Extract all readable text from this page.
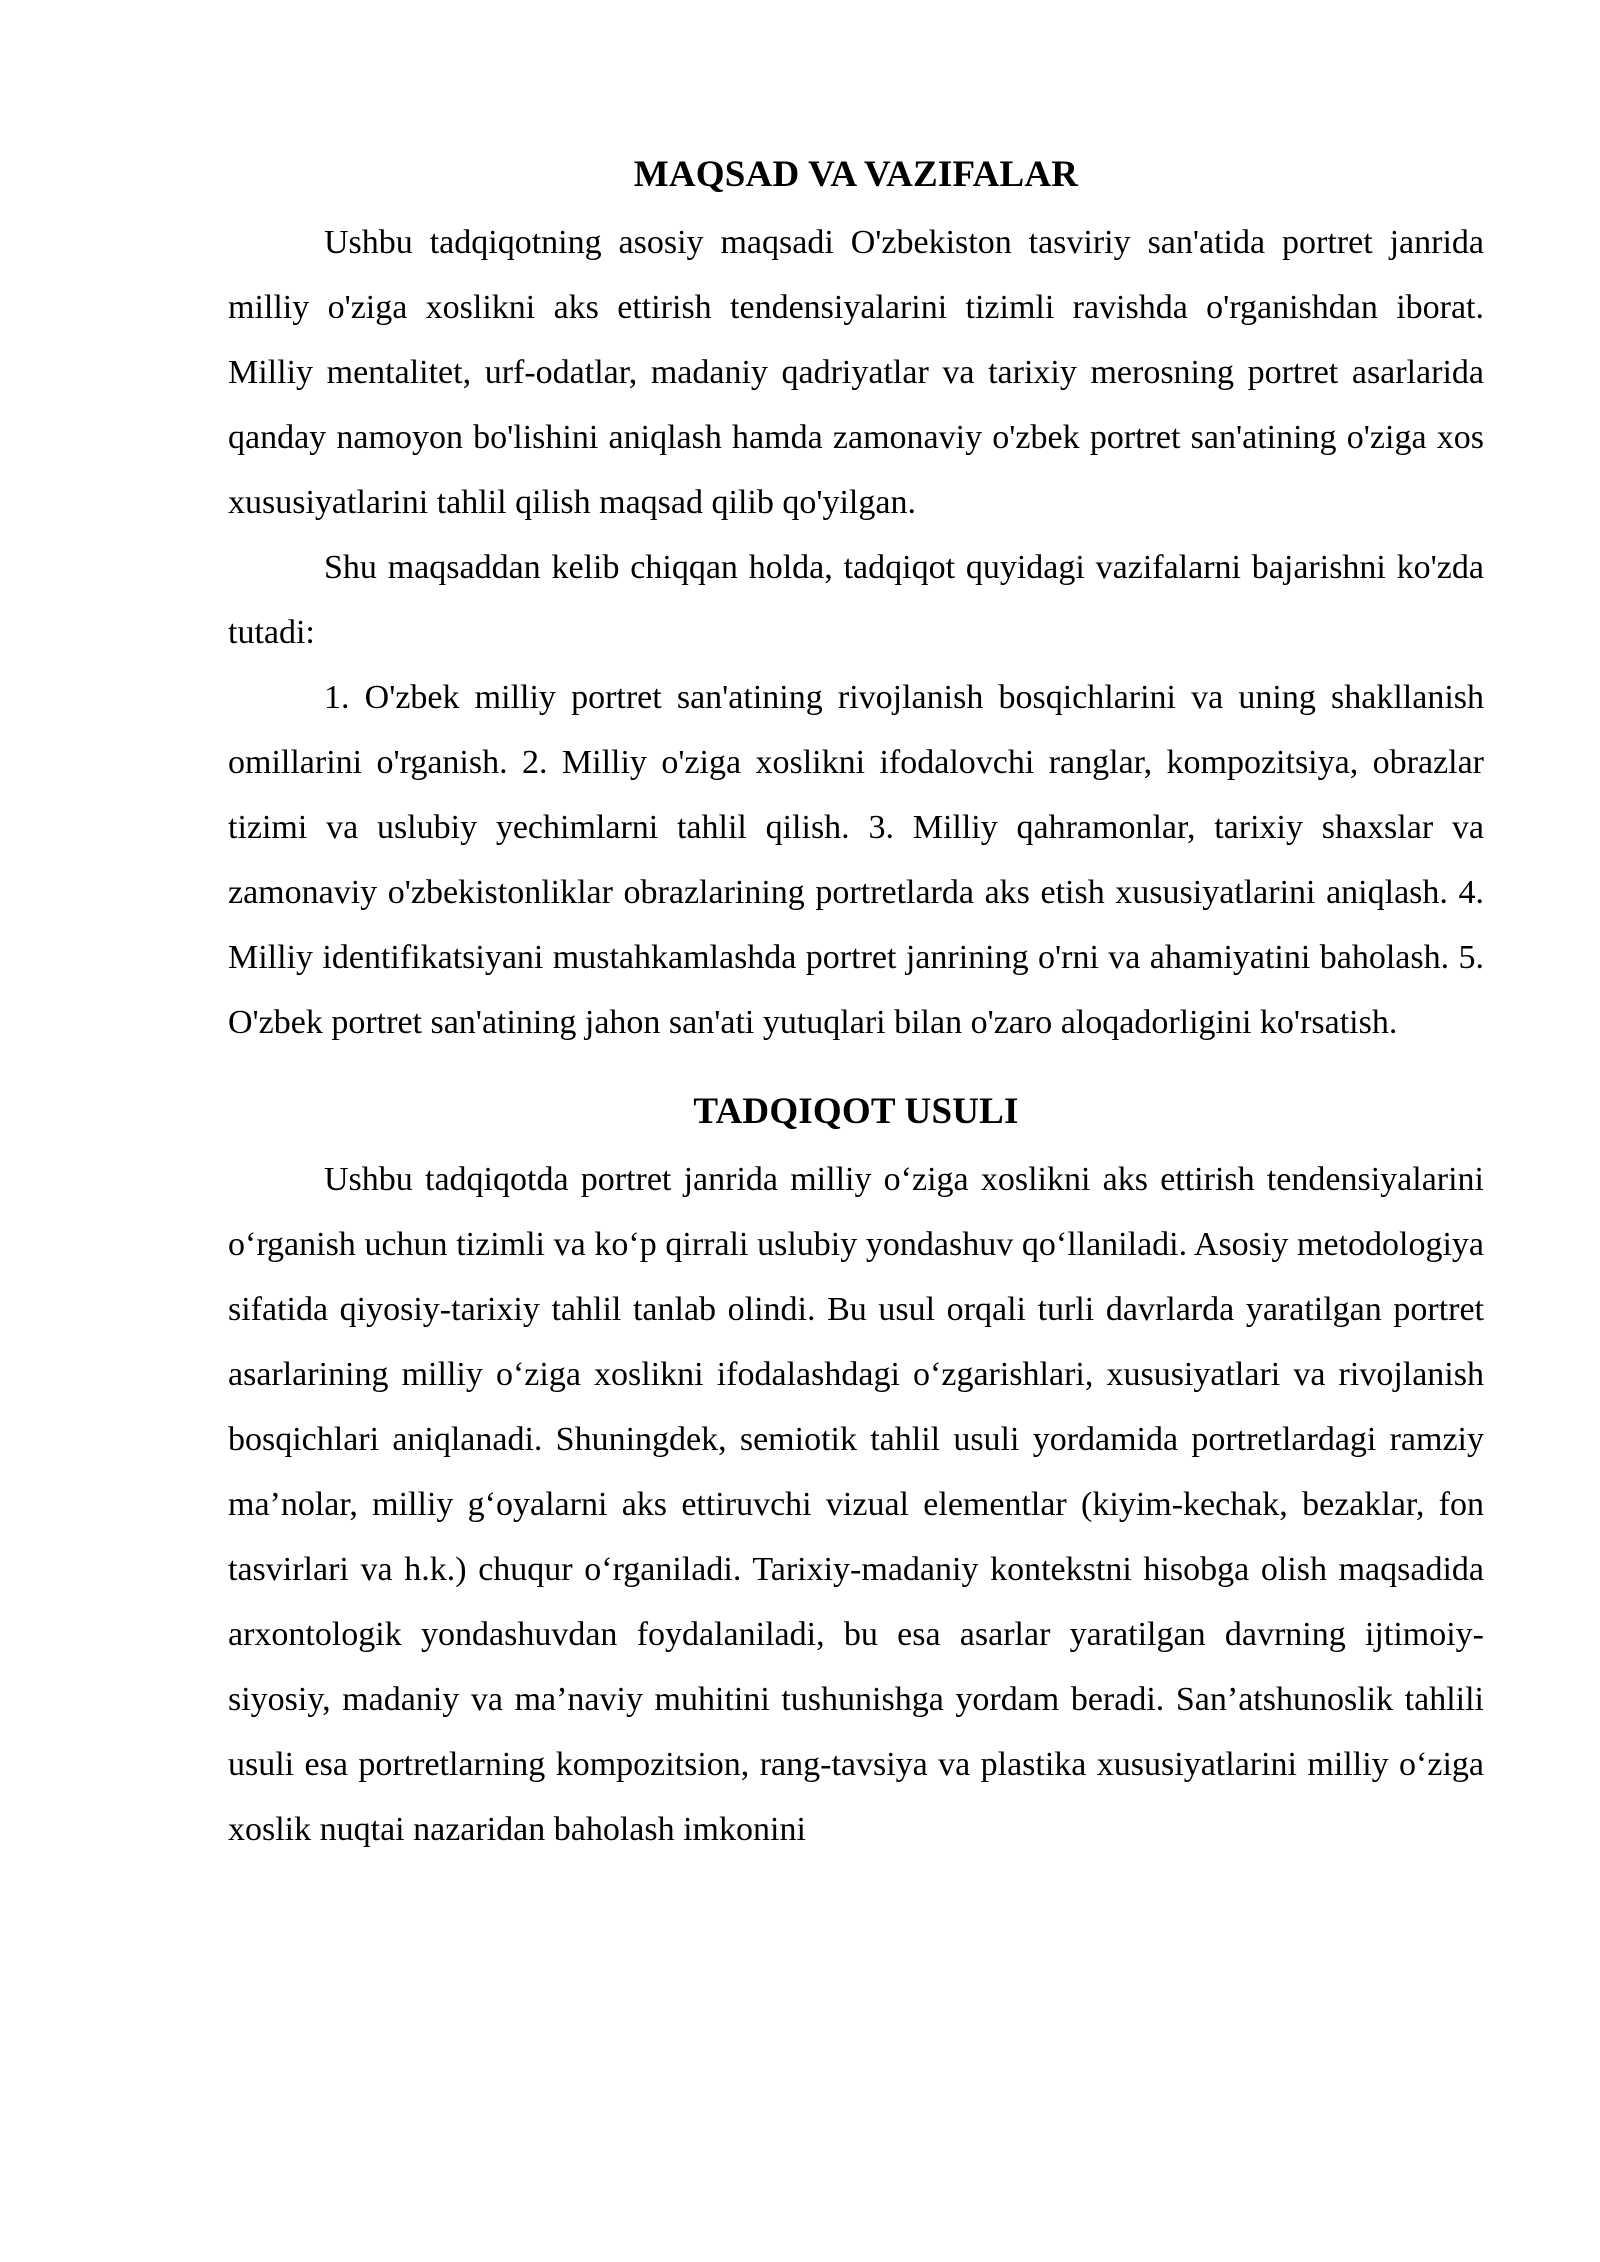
MAQSAD VA VAZIFALAR

Ushbu tadqiqotning asosiy maqsadi O'zbekiston tasviriy san'atida portret janrida milliy o'ziga xoslikni aks ettirish tendensiyalarini tizimli ravishda o'rganishdan iborat. Milliy mentalitet, urf-odatlar, madaniy qadriyatlar va tarixiy merosning portret asarlarida qanday namoyon bo'lishini aniqlash hamda zamonaviy o'zbek portret san'atining o'ziga xos xususiyatlarini tahlil qilish maqsad qilib qo'yilgan.

Shu maqsaddan kelib chiqqan holda, tadqiqot quyidagi vazifalarni bajarishni ko'zda tutadi:

1. O'zbek milliy portret san'atining rivojlanish bosqichlarini va uning shakllanish omillarini o'rganish. 2. Milliy o'ziga xoslikni ifodalovchi ranglar, kompozitsiya, obrazlar tizimi va uslubiy yechimlarni tahlil qilish. 3. Milliy qahramonlar, tarixiy shaxslar va zamonaviy o'zbekistonliklar obrazlarining portretlarda aks etish xususiyatlarini aniqlash. 4. Milliy identifikatsiyani mustahkamlashda portret janrining o'rni va ahamiyatini baholash. 5. O'zbek portret san'atining jahon san'ati yutuqlari bilan o'zaro aloqadorligini ko'rsatish.

TADQIQOT USULI

Ushbu tadqiqotda portret janrida milliy o‘ziga xoslikni aks ettirish tendensiyalarini o‘rganish uchun tizimli va ko‘p qirrali uslubiy yondashuv qo‘llaniladi. Asosiy metodologiya sifatida qiyosiy-tarixiy tahlil tanlab olindi. Bu usul orqali turli davrlarda yaratilgan portret asarlarining milliy o‘ziga xoslikni ifodalashdagi o‘zgarishlari, xususiyatlari va rivojlanish bosqichlari aniqlanadi. Shuningdek, semiotik tahlil usuli yordamida portretlardagi ramziy ma’nolar, milliy g‘oyalarni aks ettiruvchi vizual elementlar (kiyim-kechak, bezaklar, fon tasvirlari va h.k.) chuqur o‘rganiladi. Tarixiy-madaniy kontekstni hisobga olish maqsadida arxontologik yondashuvdan foydalaniladi, bu esa asarlar yaratilgan davrning ijtimoiy-siyosiy, madaniy va ma’naviy muhitini tushunishga yordam beradi. San’atshunoslik tahlili usuli esa portretlarning kompozitsion, rang-tavsiya va plastika xususiyatlarini milliy o‘ziga xoslik nuqtai nazaridan baholash imkonini
